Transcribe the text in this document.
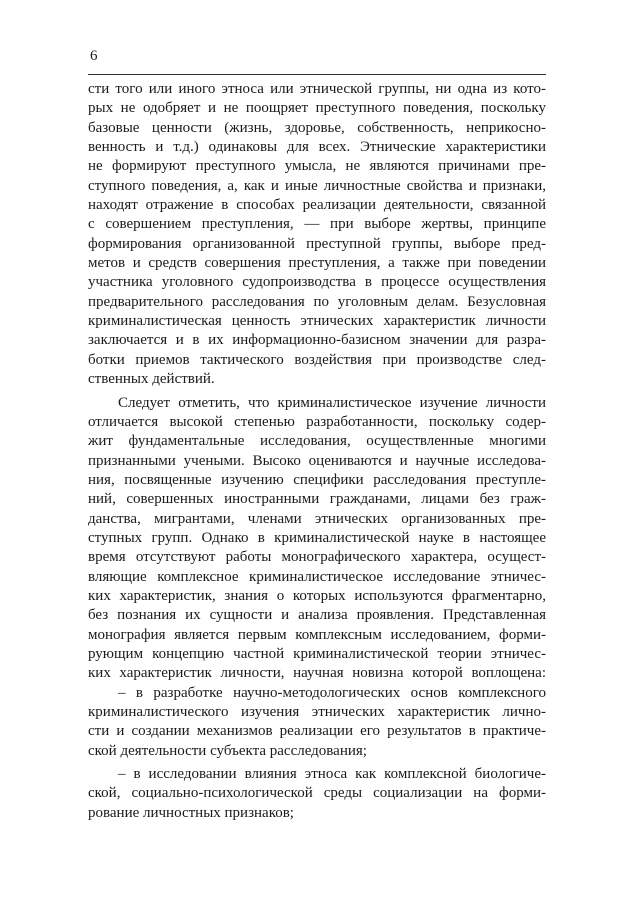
6
сти того или иного этноса или этнической группы, ни одна из кото-
рых не одобряет и не поощряет преступного поведения, поскольку
базовые ценности (жизнь, здоровье, собственность, неприкосно-
венность и т.д.) одинаковы для всех. Этнические характеристики
не формируют преступного умысла, не являются причинами пре-
ступного поведения, а, как и иные личностные свойства и признаки,
находят отражение в способах реализации деятельности, связанной
с совершением преступления, — при выборе жертвы, принципе
формирования организованной преступной группы, выборе пред-
метов и средств совершения преступления, а также при поведении
участника уголовного судопроизводства в процессе осуществления
предварительного расследования по уголовным делам. Безусловная
криминалистическая ценность этнических характеристик личности
заключается и в их информационно-базисном значении для разра-
ботки приемов тактического воздействия при производстве след-
ственных действий.
Следует отметить, что криминалистическое изучение личности
отличается высокой степенью разработанности, поскольку содер-
жит фундаментальные исследования, осуществленные многими
признанными учеными. Высоко оцениваются и научные исследова-
ния, посвященные изучению специфики расследования преступле-
ний, совершенных иностранными гражданами, лицами без граж-
данства, мигрантами, членами этнических организованных пре-
ступных групп. Однако в криминалистической науке в настоящее
время отсутствуют работы монографического характера, осущест-
вляющие комплексное криминалистическое исследование этничес-
ких характеристик, знания о которых используются фрагментарно,
без познания их сущности и анализа проявления. Представленная
монография является первым комплексным исследованием, форми-
рующим концепцию частной криминалистической теории этничес-
ких характеристик личности, научная новизна которой воплощена:
– в разработке научно-методологических основ комплексного
криминалистического изучения этнических характеристик лично-
сти и создании механизмов реализации его результатов в практиче-
ской деятельности субъекта расследования;
– в исследовании влияния этноса как комплексной биологиче-
ской, социально-психологической среды социализации на форми-
рование личностных признаков;
